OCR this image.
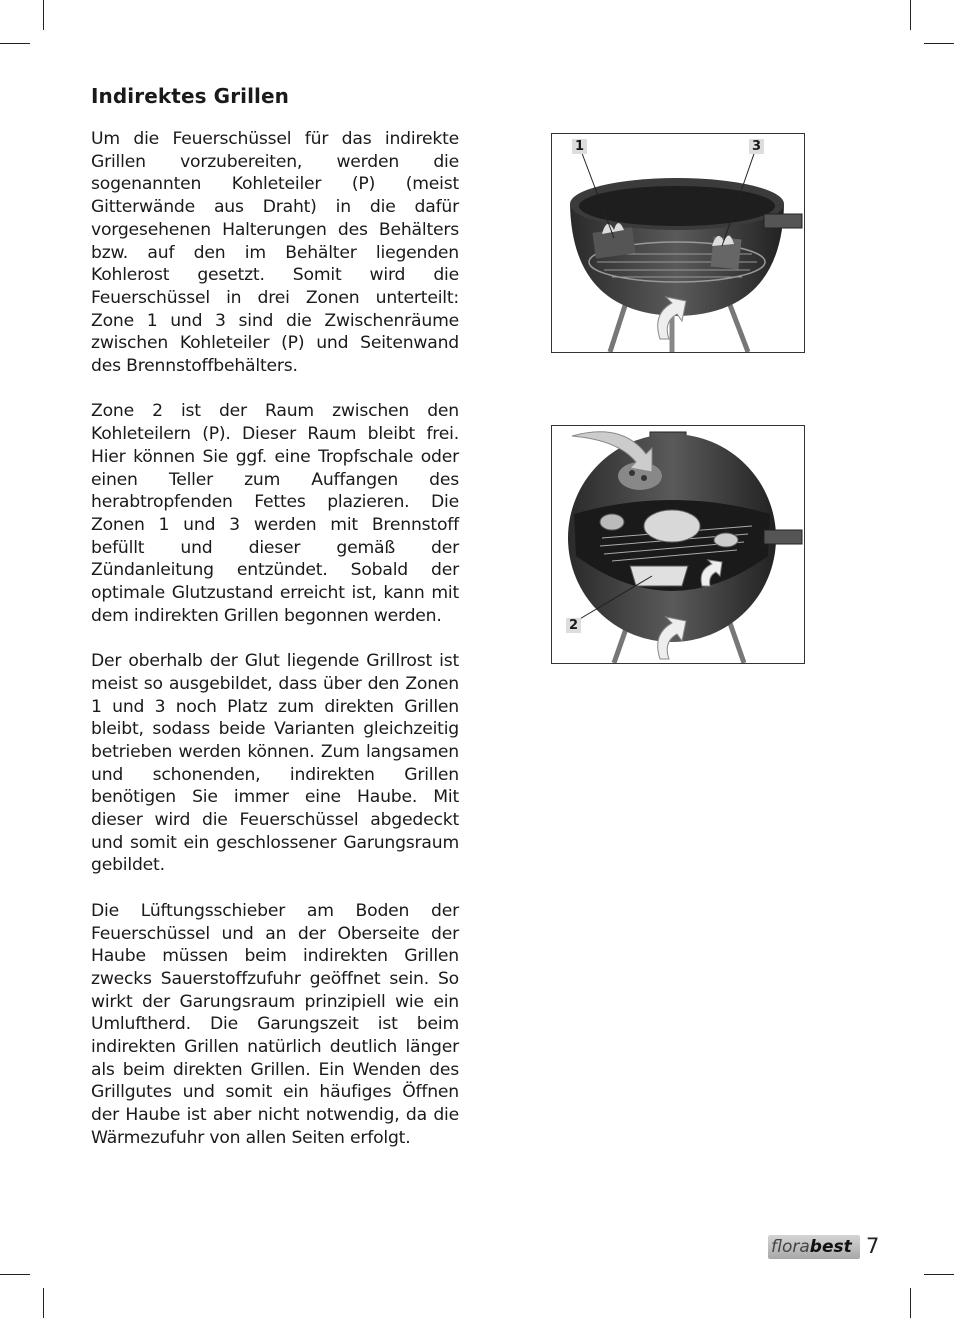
Indirektes Grillen

Um die Feuerschüssel für das indirekte Grillen vorzubereiten, werden die sogenannten Kohleteiler (P) (meist Gitterwände aus Draht) in die dafür vorgesehenen Halterungen des Behälters bzw. auf den im Behälter liegenden Kohlerost gesetzt. Somit wird die Feuerschüssel in drei Zonen unterteilt: Zone 1 und 3 sind die Zwischenräume zwischen Kohleteiler (P) und Seitenwand des Brennstoffbehälters.

Zone 2 ist der Raum zwischen den Kohleteilern (P). Dieser Raum bleibt frei. Hier können Sie ggf. eine Tropfschale oder einen Teller zum Auffangen des herabtropfenden Fettes plazieren. Die Zonen 1 und 3 werden mit Brennstoff befüllt und dieser gemäß der Zündanleitung entzündet. Sobald der optimale Glutzustand erreicht ist, kann mit dem indirekten Grillen begonnen werden.

Der oberhalb der Glut liegende Grillrost ist meist so ausgebildet, dass über den Zonen 1 und 3 noch Platz zum direkten Grillen bleibt, sodass beide Varianten gleichzeitig betrieben werden können. Zum langsamen und schonenden, indirekten Grillen benötigen Sie immer eine Haube. Mit dieser wird die Feuerschüssel abgedeckt und somit ein geschlossener Garungsraum gebildet.

Die Lüftungsschieber am Boden der Feuerschüssel und an der Oberseite der Haube müssen beim indirekten Grillen zwecks Sauerstoffzufuhr geöffnet sein. So wirkt der Garungsraum prinzipiell wie ein Umluftherd. Die Garungszeit ist beim indirekten Grillen natürlich deutlich länger als beim direkten Grillen. Ein Wenden des Grillgutes und somit ein häufiges Öffnen der Haube ist aber nicht notwendig, da die Wärmezufuhr von allen Seiten erfolgt.

1	3
2
florabest 7
